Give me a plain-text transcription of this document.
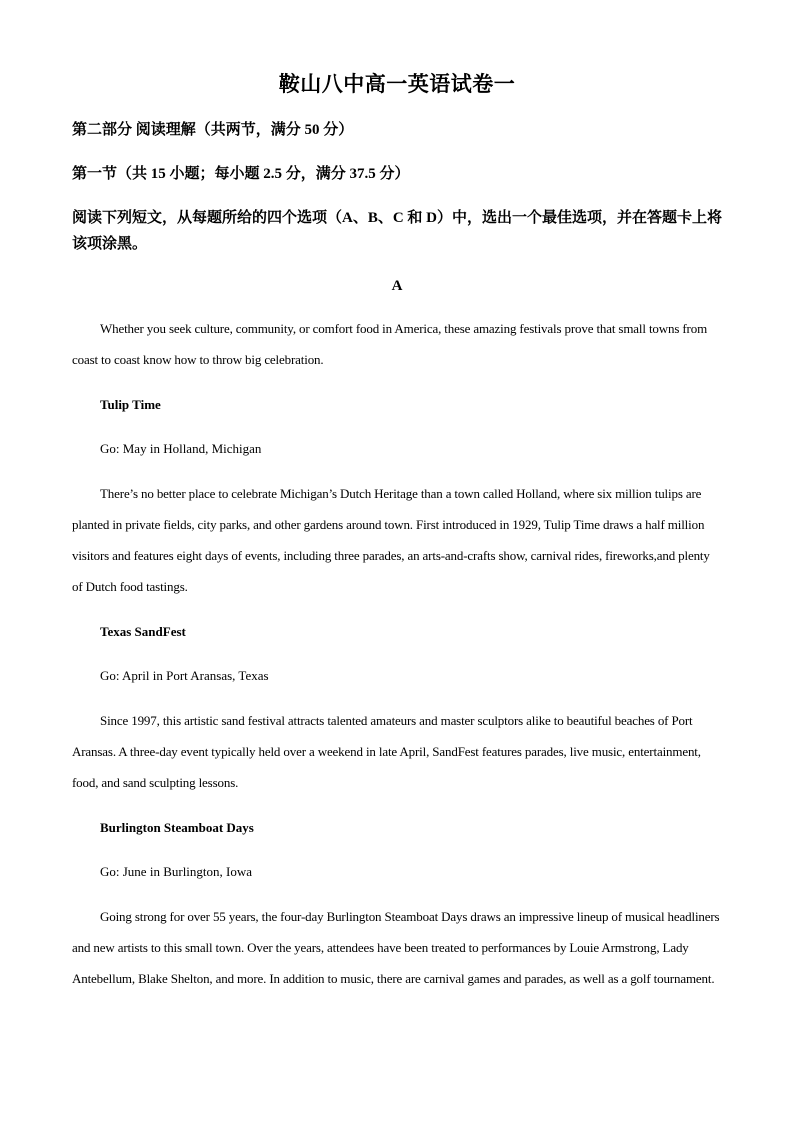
鞍山八中高一英语试卷一
第二部分 阅读理解（共两节，满分 50 分）
第一节（共 15 小题；每小题 2.5 分，满分 37.5 分）
阅读下列短文，从每题所给的四个选项（A、B、C 和 D）中，选出一个最佳选项，并在答题卡上将该项涂黑。
A
Whether you seek culture, community, or comfort food in America, these amazing festivals prove that small towns from coast to coast know how to throw big celebration.
Tulip Time
Go: May in Holland, Michigan
There’s no better place to celebrate Michigan’s Dutch Heritage than a town called Holland, where six million tulips are planted in private fields, city parks, and other gardens around town. First introduced in 1929, Tulip Time draws a half million visitors and features eight days of events, including three parades, an arts-and-crafts show, carnival rides, fireworks,and plenty of Dutch food tastings.
Texas SandFest
Go: April in Port Aransas, Texas
Since 1997, this artistic sand festival attracts talented amateurs and master sculptors alike to beautiful beaches of Port Aransas. A three-day event typically held over a weekend in late April, SandFest features parades, live music, entertainment, food, and sand sculpting lessons.
Burlington Steamboat Days
Go: June in Burlington, Iowa
Going strong for over 55 years, the four-day Burlington Steamboat Days draws an impressive lineup of musical headliners and new artists to this small town. Over the years, attendees have been treated to performances by Louie Armstrong, Lady Antebellum, Blake Shelton, and more. In addition to music, there are carnival games and parades, as well as a golf tournament.
